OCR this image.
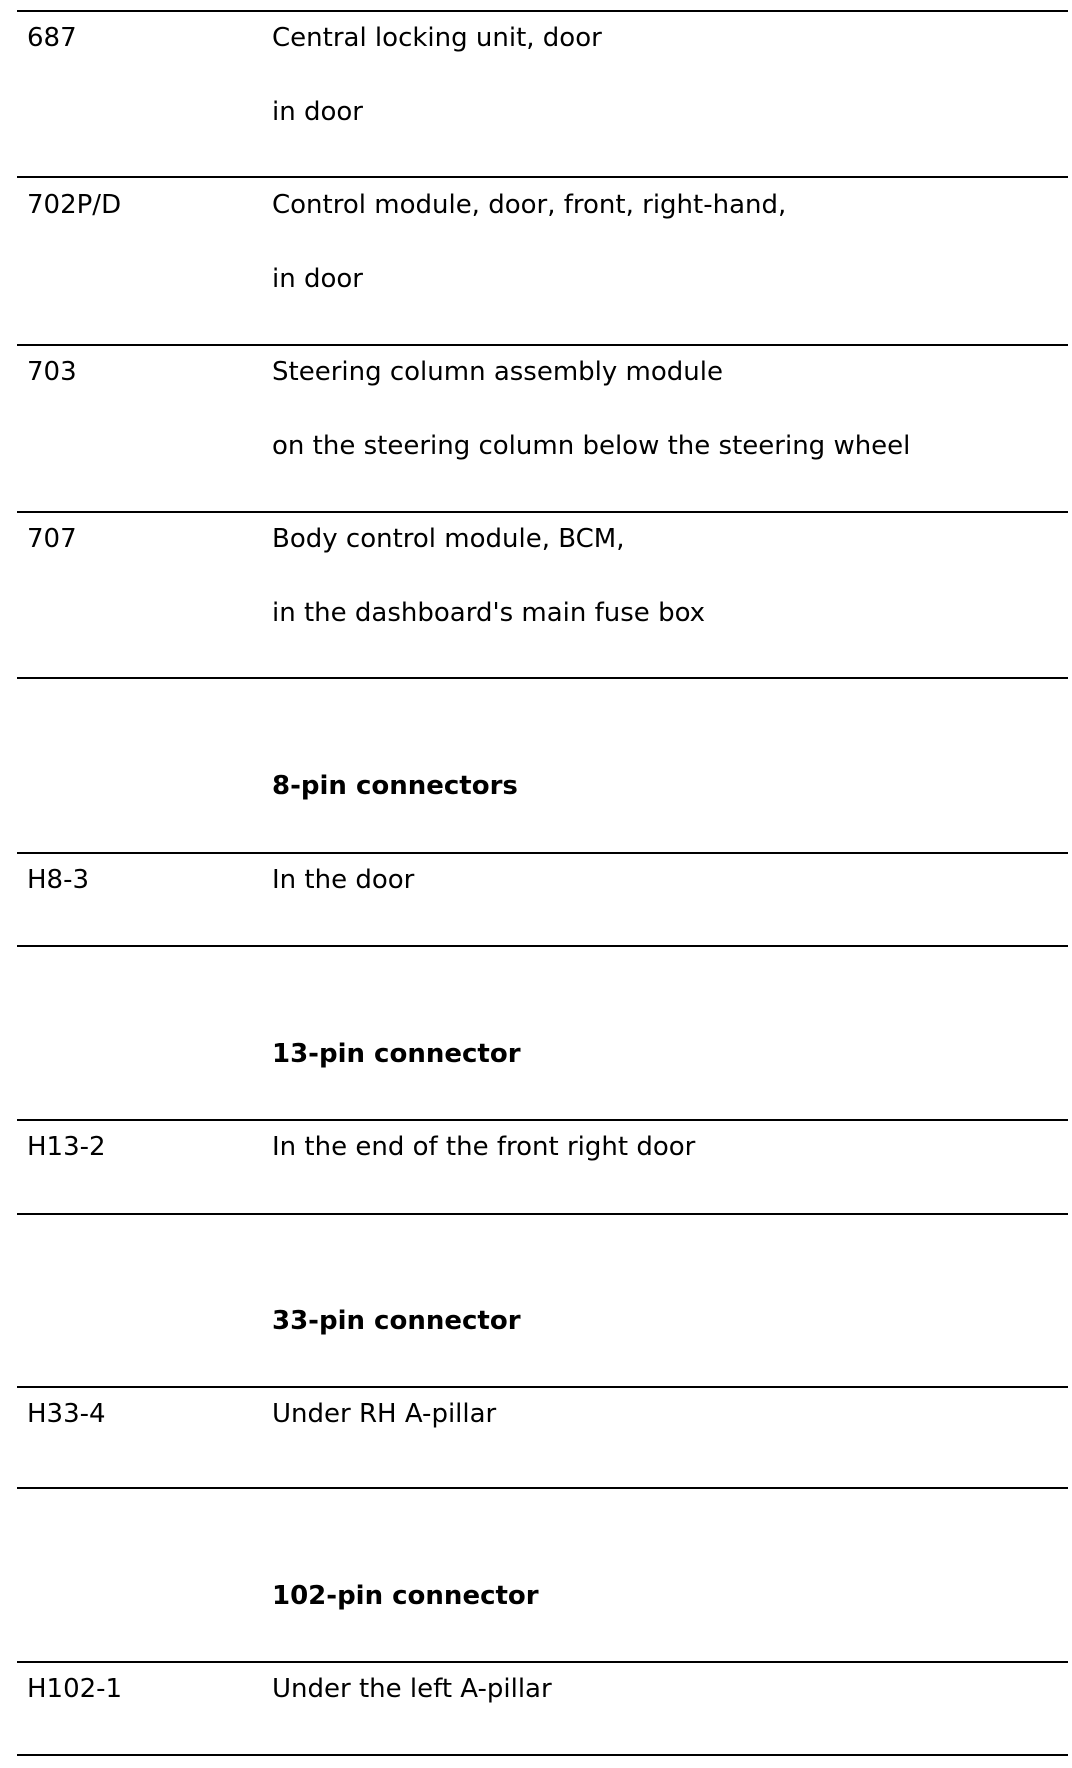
687	Central locking unit, door
in door
702P/D	Control module, door, front, right-hand,
in door
703	Steering column assembly module
on the steering column below the steering wheel
707	Body control module, BCM,
in the dashboard's main fuse box
8-pin connectors
H8-3	In the door
13-pin connector
H13-2	In the end of the front right door
33-pin connector
H33-4	Under RH A-pillar
102-pin connector
H102-1	Under the left A-pillar
